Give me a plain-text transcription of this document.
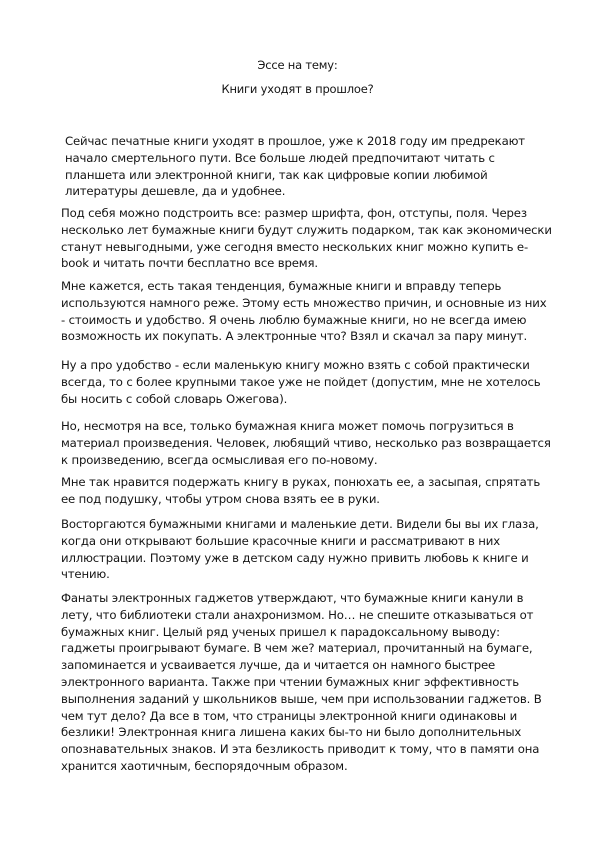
Эссе на тему:
Книги уходят в прошлое?

Сейчас печатные книги уходят в прошлое, уже к 2018 году им предрекают
начало смертельного пути. Все больше людей предпочитают читать с
планшета или электронной книги, так как цифровые копии любимой
литературы дешевле, да и удобнее.

Под себя можно подстроить все: размер шрифта, фон, отступы, поля. Через
несколько лет бумажные книги будут служить подарком, так как экономически
станут невыгодными, уже сегодня вместо нескольких книг можно купить e-
book и читать почти бесплатно все время.

Мне кажется, есть такая тенденция, бумажные книги и вправду теперь
используются намного реже. Этому есть множество причин, и основные из них
- стоимость и удобство. Я очень люблю бумажные книги, но не всегда имею
возможность их покупать. А электронные что? Взял и скачал за пару минут.

Ну а про удобство - если маленькую книгу можно взять с собой практически
всегда, то с более крупными такое уже не пойдет (допустим, мне не хотелось
бы носить с собой словарь Ожегова).

Но, несмотря на все, только бумажная книга может помочь погрузиться в
материал произведения. Человек, любящий чтиво, несколько раз возвращается
к произведению, всегда осмысливая его по-новому.

Мне так нравится подержать книгу в руках, понюхать ее, а засыпая, спрятать
ее под подушку, чтобы утром снова взять ее в руки.

Восторгаются бумажными книгами и маленькие дети. Видели бы вы их глаза,
когда они открывают большие красочные книги и рассматривают в них
иллюстрации. Поэтому уже в детском саду нужно привить любовь к книге и
чтению.

Фанаты электронных гаджетов утверждают, что бумажные книги канули в
лету, что библиотеки стали анахронизмом. Но… не спешите отказываться от
бумажных книг. Целый ряд ученых пришел к парадоксальному выводу:
гаджеты проигрывают бумаге. В чем же? материал, прочитанный на бумаге,
запоминается и усваивается лучше, да и читается он намного быстрее
электронного варианта. Также при чтении бумажных книг эффективность
выполнения заданий у школьников выше, чем при использовании гаджетов. В
чем тут дело? Да все в том, что страницы электронной книги одинаковы и
безлики! Электронная книга лишена каких бы-то ни было дополнительных
опознавательных знаков. И эта безликость приводит к тому, что в памяти она
хранится хаотичным, беспорядочным образом.
